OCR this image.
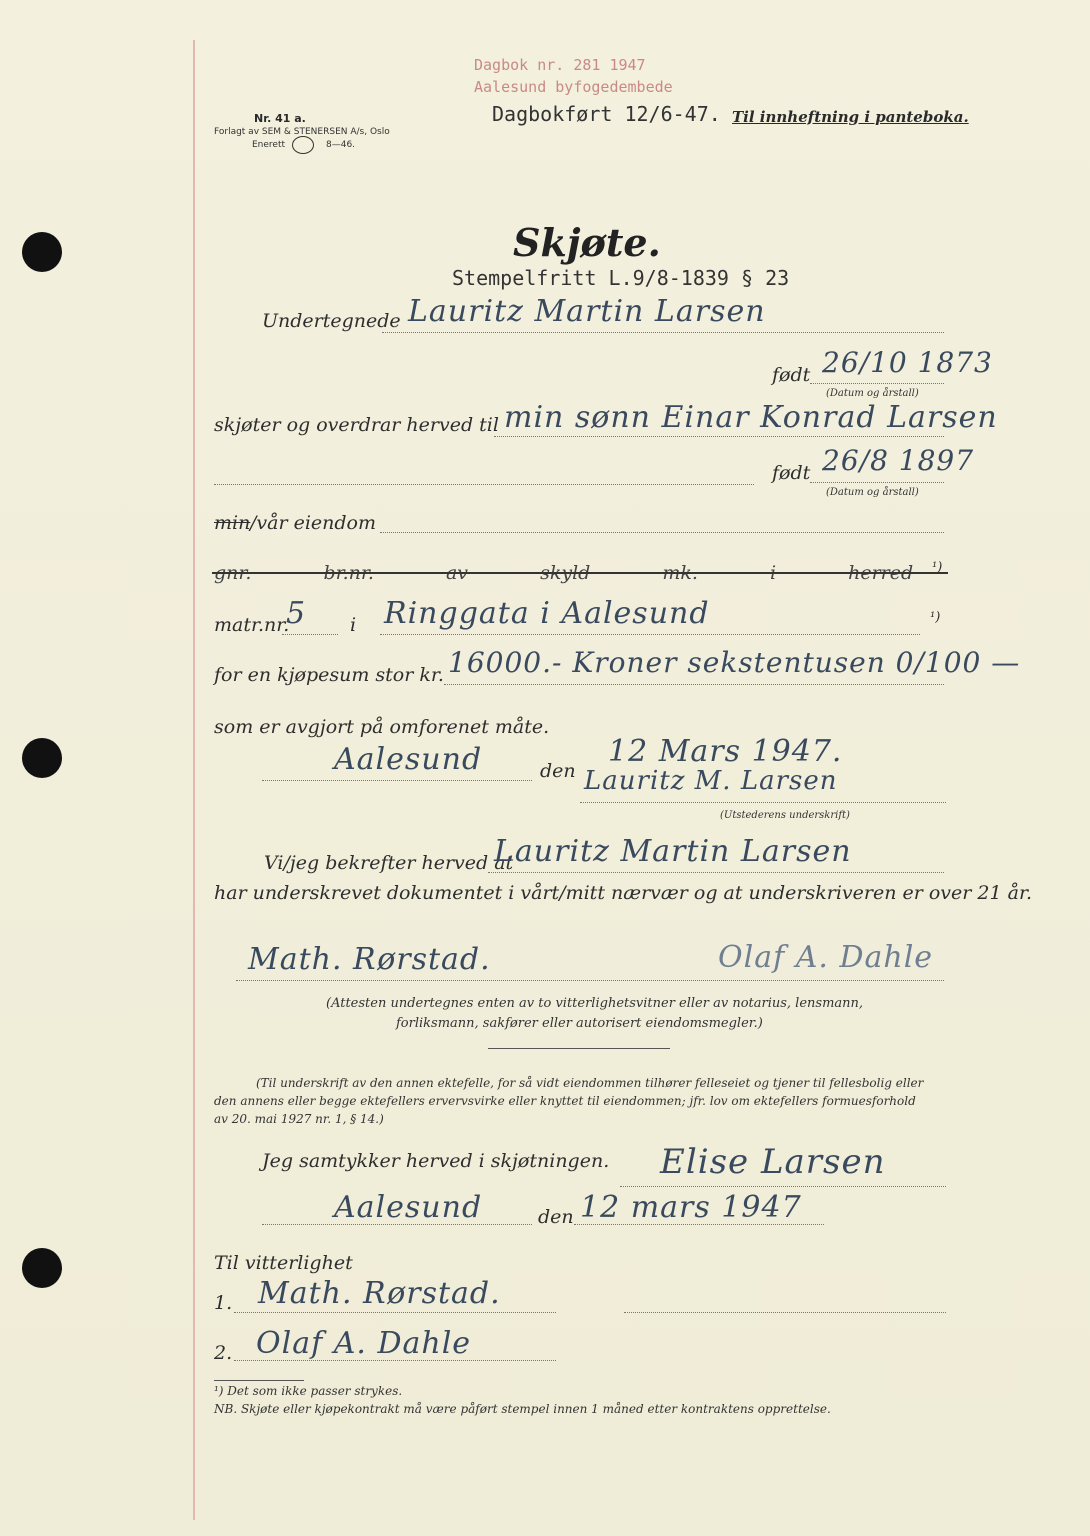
Dagbok nr. 281 1947
Aalesund byfogedembede
Dagbokført 12/6-47. Til innheftning i panteboka.
Nr. 41 a.
Forlagt av SEM & STENERSEN A/s, Oslo
Enerett	8—46.
Skjøte.
Stempelfritt L.9/8-1839 § 23
Undertegnede Lauritz Martin Larsen
født 26/10 1873
(Datum og årstall)
skjøter og overdrar herved til min sønn Einar Konrad Larsen
født 26/8 1897
(Datum og årstall)
min /vår eiendom
gnr. br.nr. av skyld mk. i herred ¹)
matr.nr.
5 i Ringgata i Aalesund	¹)
for en kjøpesum stor kr. 16000.- Kroner sekstentusen 0/100 —
som er avgjort på omforenet måte.
Aalesund	den
12 Mars 1947.
Lauritz M. Larsen
(Utstederens underskrift)
Vi/jeg bekrefter herved at
Lauritz Martin Larsen
har underskrevet dokumentet i vårt/mitt nærvær og at underskriveren er over 21 år.
Math. Rørstad.	Olaf A. Dahle
(Attesten undertegnes enten av to vitterlighetsvitner eller av notarius, lensmann,
forliksmann, sakfører eller autorisert eiendomsmegler.)
(Til underskrift av den annen ektefelle, for så vidt eiendommen tilhører felleseiet og tjener til fellesbolig eller
den annens eller begge ektefellers ervervsvirke eller knyttet til eiendommen; jfr. lov om ektefellers formuesforhold
av 20. mai 1927 nr. 1, § 14.)
Jeg samtykker herved i skjøtningen. Elise Larsen
Aalesund	den 12 mars 1947
Til vitterlighet
1. Math. Rørstad.
2. Olaf A. Dahle
¹) Det som ikke passer strykes.
NB. Skjøte eller kjøpekontrakt må være påført stempel innen 1 måned etter kontraktens opprettelse.
